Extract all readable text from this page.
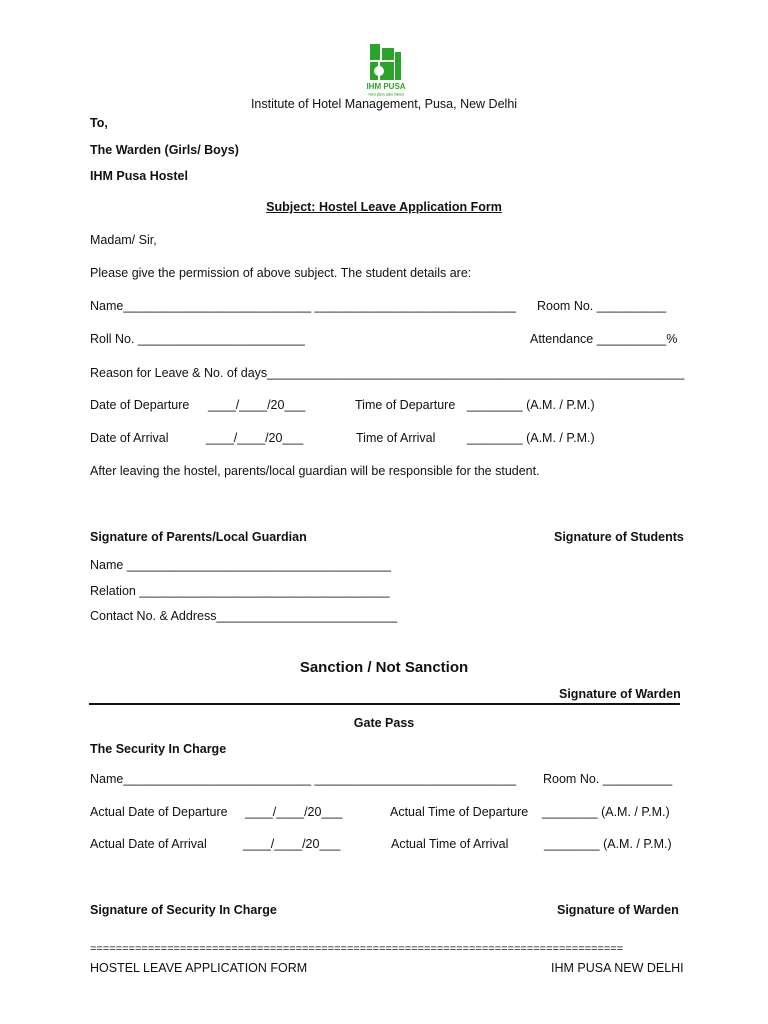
IHM PUSA
भारत होटल प्रबंध संस्थान
Institute of Hotel Management, Pusa, New Delhi
To,
The Warden (Girls/ Boys)
IHM Pusa Hostel
Subject: Hostel Leave Application Form
Madam/ Sir,
Please give the permission of above subject. The student details are:
Name___________________________ _____________________________ Room No. __________
Roll No. ________________________	Attendance __________%
Reason for Leave & No. of days____________________________________________________________
Date of Departure ____/____/20___	Time of Departure ________ (A.M. / P.M.)
Date of Arrival	____/____/20___	Time of Arrival	________ (A.M. / P.M.)
After leaving the hostel, parents/local guardian will be responsible for the student.
Signature of Parents/Local Guardian	Signature of Students
Name ______________________________________
Relation ____________________________________
Contact No. & Address__________________________
Sanction / Not Sanction
Signature of Warden
Gate Pass
The Security In Charge
Name___________________________ _____________________________ Room No. __________
Actual Date of Departure ____/____/20___	Actual Time of Departure ________ (A.M. / P.M.)
Actual Date of Arrival	____/____/20___	Actual Time of Arrival	________ (A.M. / P.M.)
Signature of Security In Charge	Signature of Warden
===================================================================================
HOSTEL LEAVE APPLICATION FORM	IHM PUSA NEW DELHI
